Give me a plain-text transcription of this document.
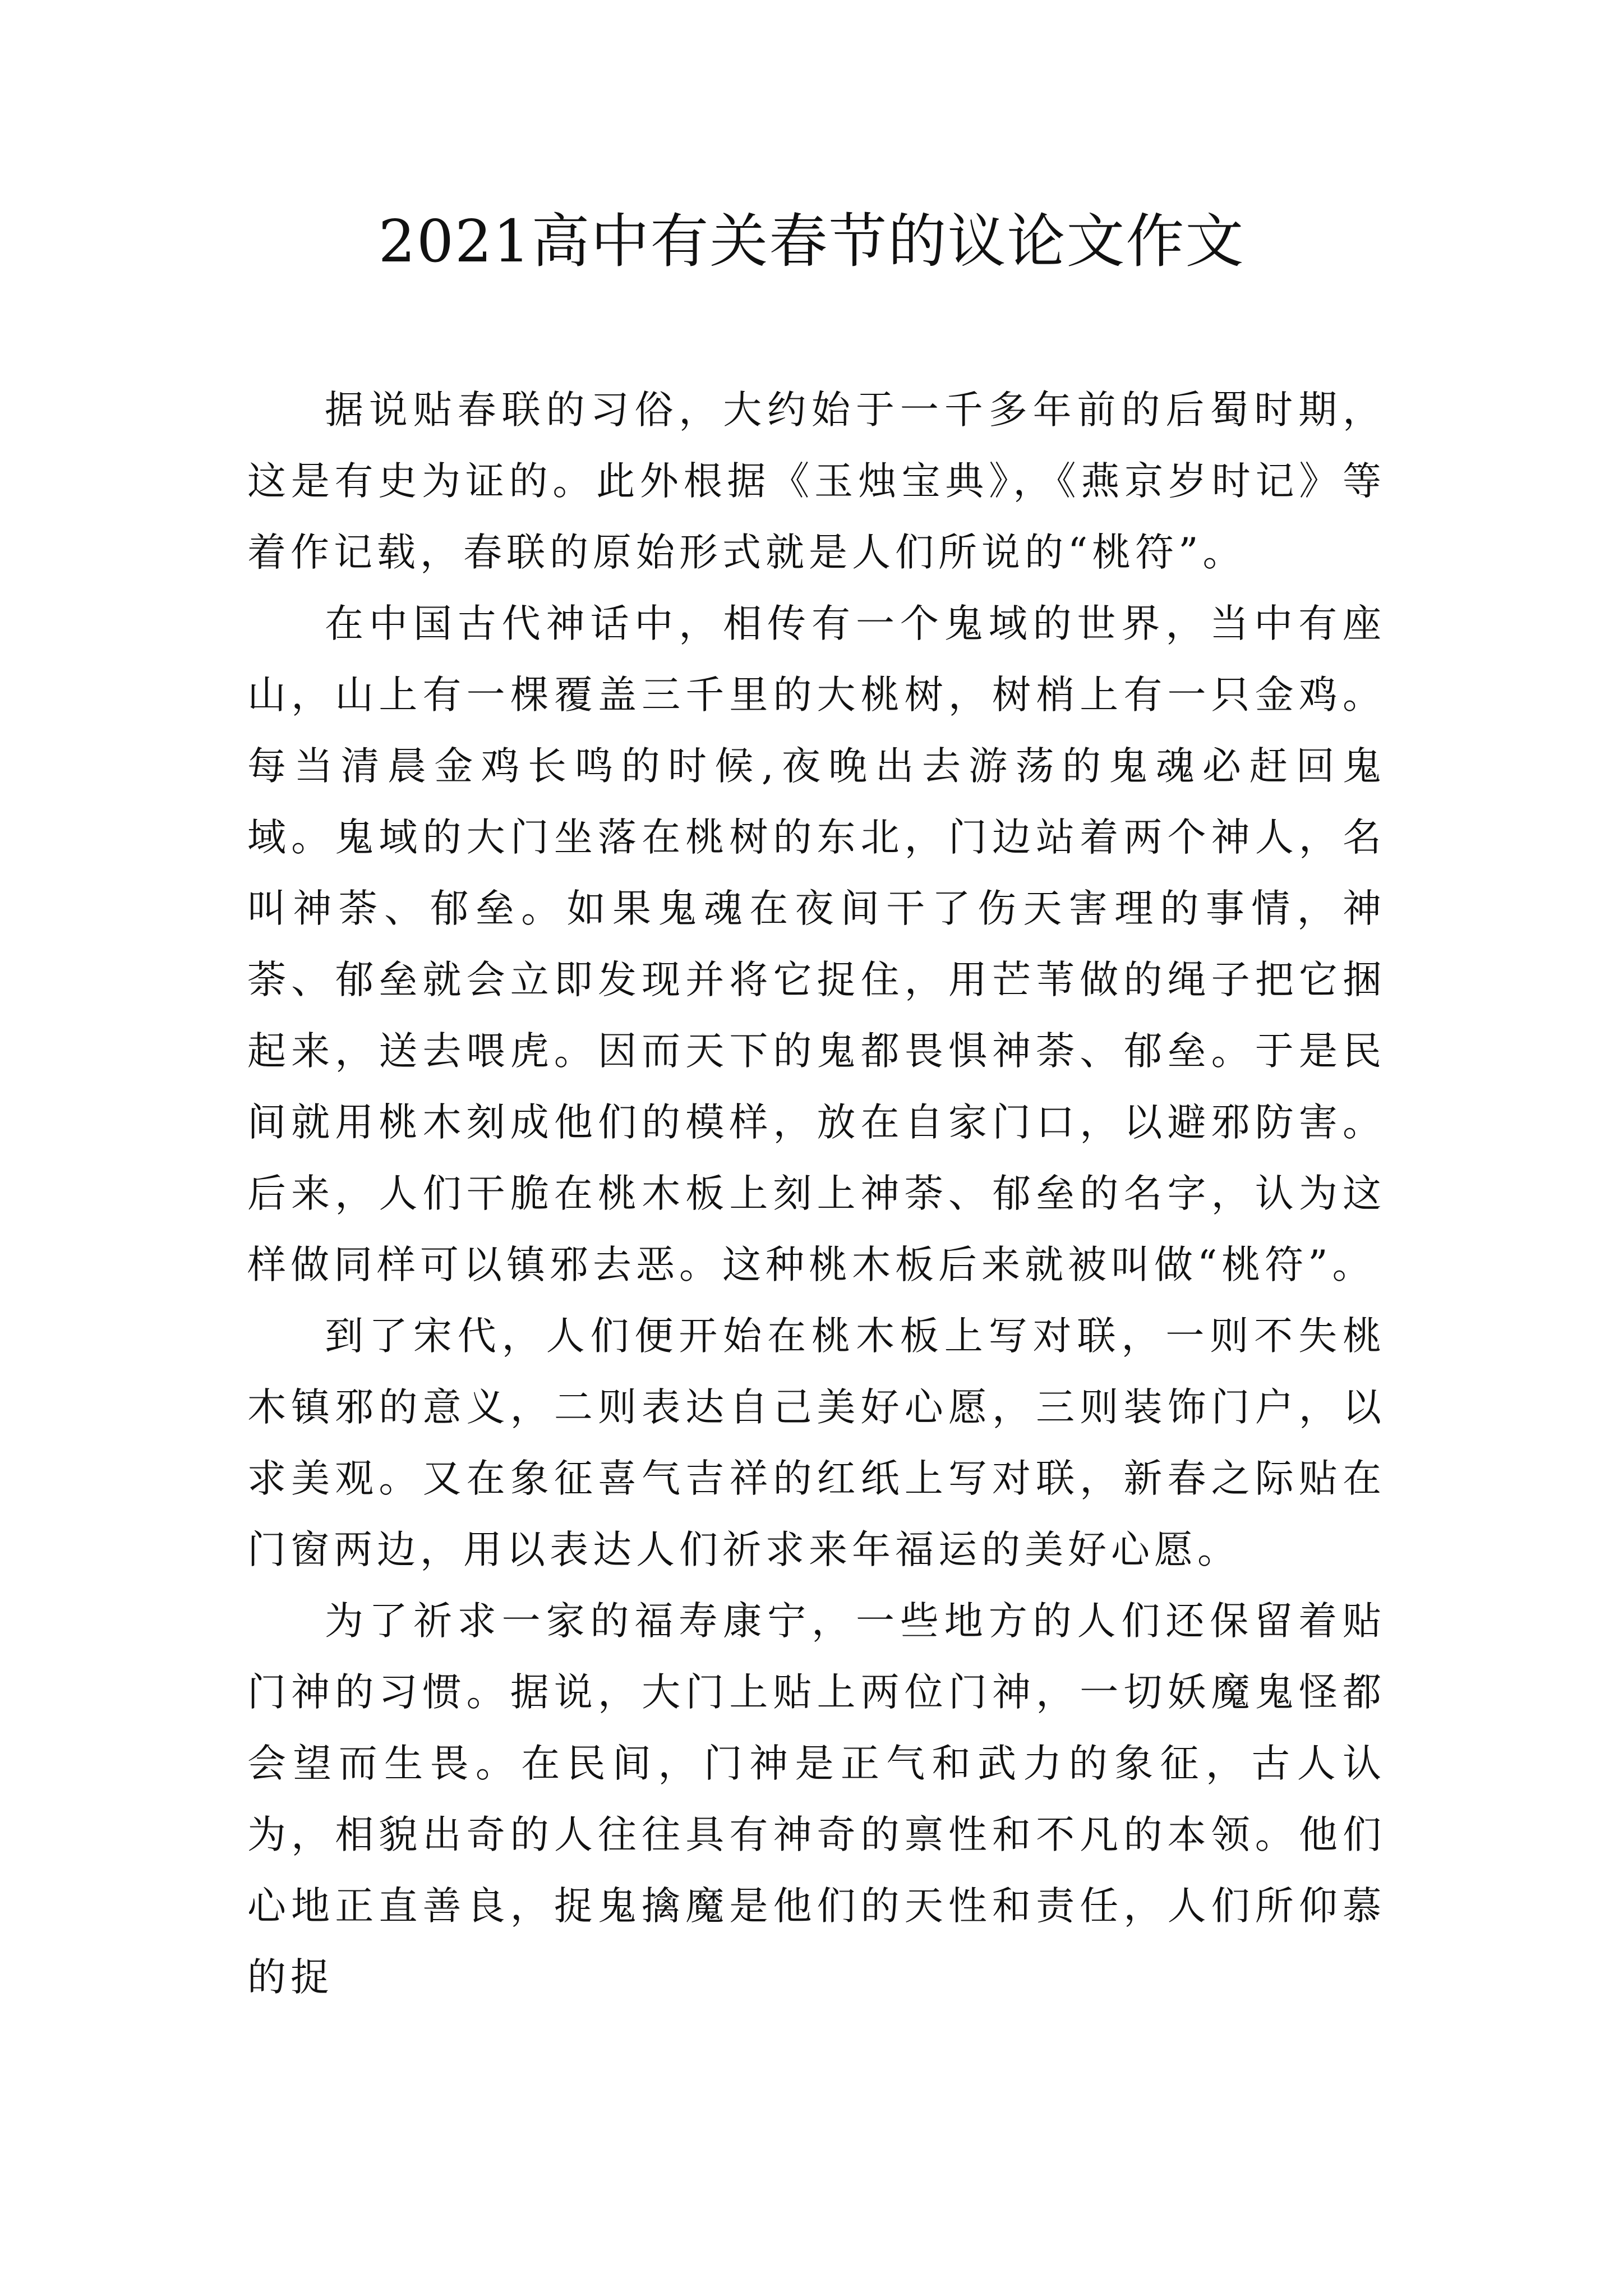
2021高中有关春节的议论文作文

据说贴春联的习俗，大约始于一千多年前的后蜀时期，这是有史为证的。此外根据《玉烛宝典》，《燕京岁时记》等着作记载，春联的原始形式就是人们所说的“桃符”。

在中国古代神话中，相传有一个鬼域的世界，当中有座山，山上有一棵覆盖三千里的大桃树，树梢上有一只金鸡。每当清晨金鸡长鸣的时候,夜晚出去游荡的鬼魂必赶回鬼域。鬼域的大门坐落在桃树的东北，门边站着两个神人，名叫神荼、郁垒。如果鬼魂在夜间干了伤天害理的事情，神荼、郁垒就会立即发现并将它捉住，用芒苇做的绳子把它捆起来，送去喂虎。因而天下的鬼都畏惧神荼、郁垒。于是民间就用桃木刻成他们的模样，放在自家门口，以避邪防害。后来，人们干脆在桃木板上刻上神荼、郁垒的名字，认为这样做同样可以镇邪去恶。这种桃木板后来就被叫做“桃符”。

到了宋代，人们便开始在桃木板上写对联，一则不失桃木镇邪的意义，二则表达自己美好心愿，三则装饰门户，以求美观。又在象征喜气吉祥的红纸上写对联，新春之际贴在门窗两边，用以表达人们祈求来年福运的美好心愿。

为了祈求一家的福寿康宁，一些地方的人们还保留着贴门神的习惯。据说，大门上贴上两位门神，一切妖魔鬼怪都会望而生畏。在民间，门神是正气和武力的象征，古人认为，相貌出奇的人往往具有神奇的禀性和不凡的本领。他们心地正直善良，捉鬼擒魔是他们的天性和责任，人们所仰慕的捉
